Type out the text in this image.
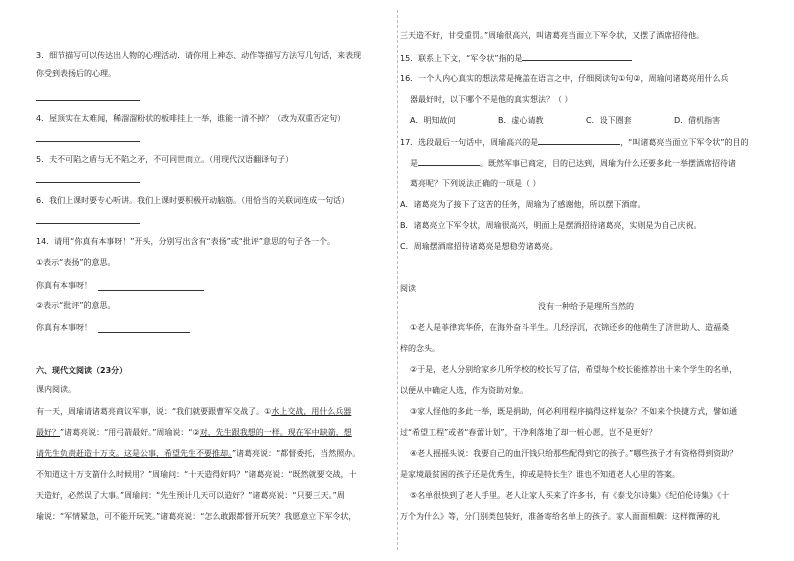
3．细节描写可以传达出人物的心理活动．请你用上神态、动作等描写方法写几句话，来表现
你受到表扬后的心理。
4．屋顶实在太难闻，稀溜溜粉状的板啡挂上一举，谁能一清不掉？（改为双重否定句）
5．夫不可陷之盾与无不陷之矛，不可同世而立。（用现代汉语翻译句子）
6．我们上课时要专心听讲。我们上课时要积极开动脑筋。（用恰当的关联词连成一句话）
14．请用“你真有本事呀！”开头，分别写出含有“表扬”或“批评”意思的句子各一个。
①表示“表扬”的意思。
你真有本事呀！
②表示“批评”的意思。
你真有本事呀！
六、现代文阅读（23分）
课内阅读。
有一天，周瑜请诸葛亮商议军事，说：“我们就要跟曹军交战了。①水上交战，用什么兵器
最好？”诸葛亮说：“用弓箭最好。”周瑜说：“②对，先生跟我想的一样。现在军中缺箭，想
请先生负责赶造十万支。这是公事，希望先生不要推却。”诸葛亮说：“都督委托，当然照办。
不知道这十万支箭什么时候用？”周瑜问：“十天造得好吗？”诸葛亮说：“既然就要交战，十
天造好，必然误了大事。”周瑜问：“先生预计几天可以造好？”诸葛亮说：“只要三天。”周
瑜说：“军情紧急，可不能开玩笑。”诸葛亮说：“怎么敢跟都督开玩笑？我愿意立下军令状，
三天造不好，甘受重罚。”周瑜很高兴，叫诸葛亮当面立下军令状，又摆了酒席招待他。
15．联系上下文，“军令状”指的是
16．一个人内心真实的想法常是掩盖在语言之中，仔细阅读句①句②，周瑜问诸葛亮用什么兵
器最好时，以下哪个不是他的真实想法？（ ）
A．明知故问	B．虚心请教	C．设下圈套	D．借机指害
17．选段最后一句话中，周瑜高兴的是	，“叫诸葛亮当面立下军令状”的目的
是	。既然军事已商定，目的已达到，周瑜为什么还要多此一举摆酒席招待诸
葛亮呢？下列说法正确的一项是（ ）
A．诸葛亮为了接下了这苦的任务，周瑜为了感谢他，所以摆下酒席。
B．诸葛亮立下军令状，周瑜很高兴，明面上是摆酒招待诸葛亮，实则是为自己庆祝。
C．周瑜摆酒席招待诸葛亮是想稳劳诸葛亮。
阅读
没有一种给予是理所当然的
①老人是菲律宾华侨，在海外奋斗半生。几经浮沉，衣锦还乡的他萌生了济世助人、造福桑
梓的念头。
②于是，老人分别给家乡几所学校的校长写了信，希望每个校长能推荐出十来个学生的名单，
以便从中确定人选，作为资助对象。
③家人怪他的多此一举，既是捐助，何必利用程序搞得这样复杂？不如来个快捷方式，譬如通
过“希望工程”或者“春蕾计划”，干净利落地了却一桩心愿，岂不是更好？
④老人摇摇头说：我要自己的血汗钱只给那些配得到它的孩子。”哪些孩子才有资格得到资助？
是家境最贫困的孩子还是优秀生，抑或是特长生？谁也不知道老人心里的答案。
⑤名单很快到了老人手里。老人让家人买来了许多书，有《泰戈尔诗集》《纪伯伦诗集》《十
万个为什么》等，分门别类包装好，准备寄给名单上的孩子。家人面面相觑：这样微薄的礼
